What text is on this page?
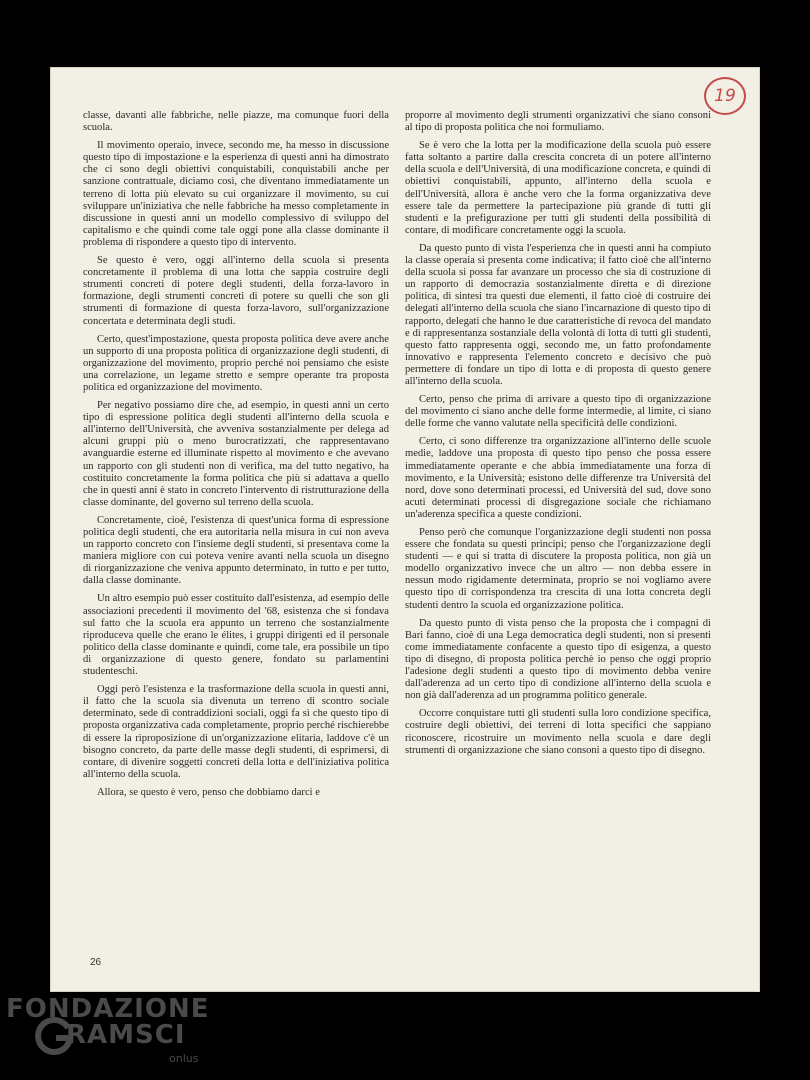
19

classe, davanti alle fabbriche, nelle piazze, ma comunque fuori della scuola.

Il movimento operaio, invece, secondo me, ha messo in discussione questo tipo di impostazione e la esperienza di questi anni ha dimostrato che ci sono degli obiettivi conquistabili, conquistabili anche per sanzione contrattuale, diciamo così, che diventano immediatamente un terreno di lotta più elevato su cui organizzare il movimento, su cui sviluppare un'iniziativa che nelle fabbriche ha messo completamente in discussione in questi anni un modello complessivo di sviluppo del capitalismo e che quindi come tale oggi pone alla classe dominante il problema di rispondere a questo tipo di intervento.

Se questo è vero, oggi all'interno della scuola si presenta concretamente il problema di una lotta che sappia costruire degli strumenti concreti di potere degli studenti, della forza-lavoro in formazione, degli strumenti concreti di potere su quelli che son gli strumenti di formazione di questa forza-lavoro, sull'organizzazione concertata e determinata degli studi.

Certo, quest'impostazione, questa proposta politica deve avere anche un supporto di una proposta politica di organizzazione degli studenti, di organizzazione del movimento, proprio perché noi pensiamo che esiste una correlazione, un legame stretto e sempre operante tra proposta politica ed organizzazione del movimento.

Per negativo possiamo dire che, ad esempio, in questi anni un certo tipo di espressione politica degli studenti all'interno della scuola e all'interno dell'Università, che avveniva sostanzialmente per delega ad alcuni gruppi più o meno burocratizzati, che rappresentavano avanguardie esterne ed illuminate rispetto al movimento e che avevano un rapporto con gli studenti non di verifica, ma del tutto negativo, ha costituito concretamente la forma politica che più si adattava a quello che in questi anni è stato in concreto l'intervento di ristrutturazione della classe dominante, del governo sul terreno della scuola.

Concretamente, cioè, l'esistenza di quest'unica forma di espressione politica degli studenti, che era autoritaria nella misura in cui non aveva un rapporto concreto con l'insieme degli studenti, si presentava come la maniera migliore con cui poteva venire avanti nella scuola un disegno di riorganizzazione che veniva appunto determinato, in tutto e per tutto, dalla classe dominante.

Un altro esempio può esser costituito dall'esistenza, ad esempio delle associazioni precedenti il movimento del '68, esistenza che si fondava sul fatto che la scuola era appunto un terreno che sostanzialmente riproduceva quelle che erano le élites, i gruppi dirigenti ed il personale politico della classe dominante e quindi, come tale, era possibile un tipo di organizzazione di questo genere, fondato su parlamentini studenteschi.

Oggi però l'esistenza e la trasformazione della scuola in questi anni, il fatto che la scuola sia divenuta un terreno di scontro sociale determinato, sede di contraddizioni sociali, oggi fa sì che questo tipo di proposta organizzativa cada completamente, proprio perché rischierebbe di essere la riproposizione di un'organizzazione elitaria, laddove c'è un bisogno concreto, da parte delle masse degli studenti, di esprimersi, di contare, di divenire soggetti concreti della lotta e dell'iniziativa politica all'interno della scuola.

Allora, se questo è vero, penso che dobbiamo darci e

proporre al movimento degli strumenti organizzativi che siano consoni al tipo di proposta politica che noi formuliamo.

Se è vero che la lotta per la modificazione della scuola può essere fatta soltanto a partire dalla crescita concreta di un potere all'interno della scuola e dell'Università, di una modificazione concreta, e quindi di obiettivi conquistabili, appunto, all'interno della scuola e dell'Università, allora è anche vero che la forma organizzativa deve essere tale da permettere la partecipazione più grande di tutti gli studenti e la prefigurazione per tutti gli studenti della possibilità di contare, di modificare concretamente oggi la scuola.

Da questo punto di vista l'esperienza che in questi anni ha compiuto la classe operaia si presenta come indicativa; il fatto cioè che all'interno della scuola si possa far avanzare un processo che sia di costruzione di un rapporto di democrazia sostanzialmente diretta e di direzione politica, di sintesi tra questi due elementi, il fatto cioè di costruire dei delegati all'interno della scuola che siano l'incarnazione di questo tipo di rapporto, delegati che hanno le due caratteristiche di revoca del mandato e di rappresentanza sostanziale della volontà di lotta di tutti gli studenti, questo fatto rappresenta oggi, secondo me, un fatto profondamente innovativo e rappresenta l'elemento concreto e decisivo che può permettere di fondare un tipo di lotta e di proposta di questo genere all'interno della scuola.

Certo, penso che prima di arrivare a questo tipo di organizzazione del movimento ci siano anche delle forme intermedie, al limite, ci siano delle forme che vanno valutate nella specificità delle condizioni.

Certo, ci sono differenze tra organizzazione all'interno delle scuole medie, laddove una proposta di questo tipo penso che possa essere immediatamente operante e che abbia immediatamente una forza di movimento, e la Università; esistono delle differenze tra Università del nord, dove sono determinati processi, ed Università del sud, dove sono acuti determinati processi di disgregazione sociale che richiamano un'aderenza specifica a queste condizioni.

Penso però che comunque l'organizzazione degli studenti non possa essere che fondata su questi principi; penso che l'organizzazione degli studenti — e qui si tratta di discutere la proposta politica, non già un modello organizzativo invece che un altro — non debba essere in nessun modo rigidamente determinata, proprio se noi vogliamo avere questo tipo di corrispondenza tra crescita di una lotta concreta degli studenti dentro la scuola ed organizzazione politica.

Da questo punto di vista penso che la proposta che i compagni di Bari fanno, cioè di una Lega democratica degli studenti, non si presenti come immediatamente confacente a questo tipo di esigenza, a questo tipo di disegno, di proposta politica perchè io penso che oggi proprio l'adesione degli studenti a questo tipo di movimento debba venire dall'aderenza ad un certo tipo di condizione all'interno della scuola e non già dall'aderenza ad un programma politico generale.

Occorre conquistare tutti gli studenti sulla loro condizione specifica, costruire degli obiettivi, dei terreni di lotta specifici che sappiano riconoscere, ricostruire un movimento nella scuola e dare degli strumenti di organizzazione che siano consoni a questo tipo di disegno.

26
FONDAZIONE
RAMSCI
onlus
